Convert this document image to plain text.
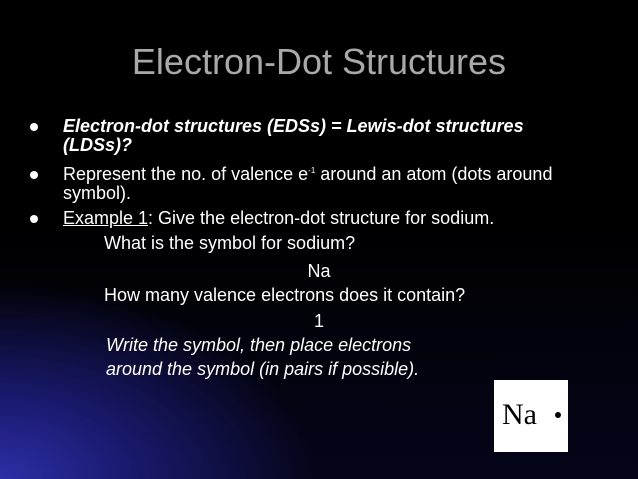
Electron-Dot Structures
Electron-dot structures (EDSs) = Lewis-dot structures (LDSs)?
Represent the no. of valence $e^{-1}$ around an atom (dots around symbol).
Example 1: Give the electron-dot structure for sodium.
What is the symbol for sodium?
Na
How many valence electrons does it contain?
1
Write the symbol, then place electrons
around the symbol (in pairs if possible).
Na
